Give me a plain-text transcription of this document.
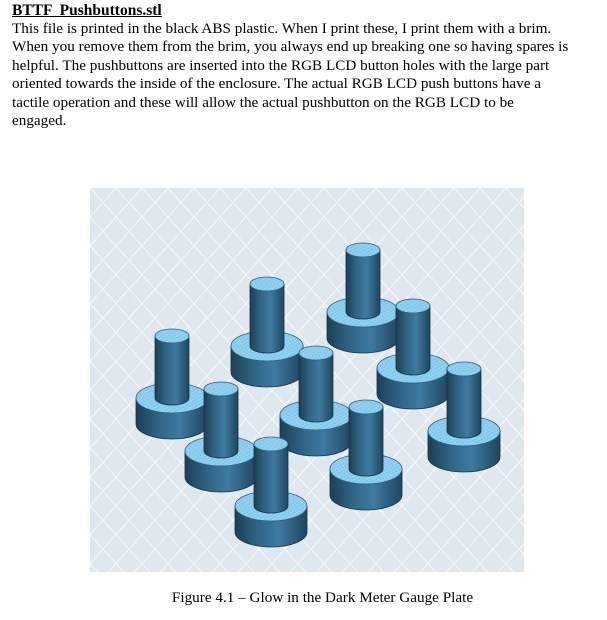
BTTF  Pushbuttons.stl
This file is printed in the black ABS plastic. When I print these, I print them with a brim.
When you remove them from the brim, you always end up breaking one so having spares is
helpful. The pushbuttons are inserted into the RGB LCD button holes with the large part
oriented towards the inside of the enclosure. The actual RGB LCD push buttons have a
tactile operation and these will allow the actual pushbutton on the RGB LCD to be
engaged.
Figure 4.1 – Glow in the Dark Meter Gauge Plate
